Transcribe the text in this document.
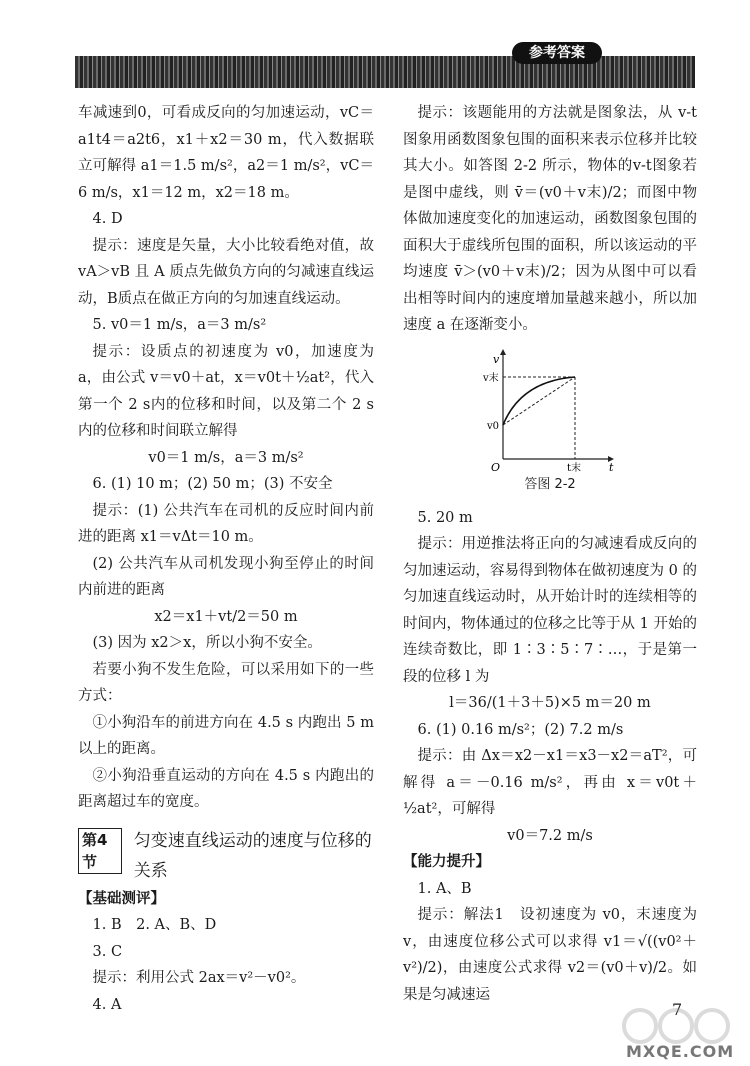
参考答案

车减速到0，可看成反向的匀加速运动，vC＝a1t4＝a2t6，x1＋x2＝30 m，代入数据联立可解得 a1＝1.5 m/s²，a2＝1 m/s²，vC＝6 m/s，x1＝12 m，x2＝18 m。

4. D

提示：速度是矢量，大小比较看绝对值，故vA＞vB 且 A 质点先做负方向的匀减速直线运动，B质点在做正方向的匀加速直线运动。

5. v0＝1 m/s，a＝3 m/s²

提示：设质点的初速度为 v0，加速度为 a，由公式 v＝v0＋at，x＝v0t＋½at²，代入第一个 2 s内的位移和时间，以及第二个 2 s内的位移和时间联立解得

v0＝1 m/s，a＝3 m/s²

6. (1) 10 m；(2) 50 m；(3) 不安全

提示：(1) 公共汽车在司机的反应时间内前进的距离 x1＝vΔt＝10 m。

(2) 公共汽车从司机发现小狗至停止的时间内前进的距离

x2＝x1＋vt/2＝50 m

(3) 因为 x2＞x，所以小狗不安全。

若要小狗不发生危险，可以采用如下的一些方式：

①小狗沿车的前进方向在 4.5 s 内跑出 5 m以上的距离。

②小狗沿垂直运动的方向在 4.5 s 内跑出的距离超过车的宽度。

第4节
匀变速直线运动的速度与位移的关系

【基础测评】

1. B　2. A、B、D

3. C

提示：利用公式 2ax＝v²－v0²。

4. A

提示：该题能用的方法就是图象法，从 v-t图象用函数图象包围的面积来表示位移并比较其大小。如答图 2-2 所示，物体的v-t图象若是图中虚线，则 v̄＝(v0＋v末)/2；而图中物体做加速度变化的加速运动，函数图象包围的面积大于虚线所包围的面积，所以该运动的平均速度 v̄＞(v0＋v末)/2；因为从图中可以看出相等时间内的速度增加量越来越小，所以加速度 a 在逐渐变小。

v
v末
v0
O	t末	t
答图 2-2

5. 20 m

提示：用逆推法将正向的匀减速看成反向的匀加速运动，容易得到物体在做初速度为 0 的匀加速直线运动时，从开始计时的连续相等的时间内，物体通过的位移之比等于从 1 开始的连续奇数比，即 1∶3∶5∶7∶…，于是第一段的位移 l 为

l＝36/(1＋3＋5)×5 m＝20 m

6. (1) 0.16 m/s²；(2) 7.2 m/s

提示：由 Δx＝x2－x1＝x3－x2＝aT²，可解得 a＝－0.16 m/s²，再由 x＝v0t＋½at²，可解得

v0＝7.2 m/s

【能力提升】

1. A、B

提示：解法1　设初速度为 v0，末速度为 v，由速度位移公式可以求得 v1＝√((v0²＋v²)/2)，由速度公式求得 v2＝(v0＋v)/2。如果是匀减速运

7
MXQE.COM
